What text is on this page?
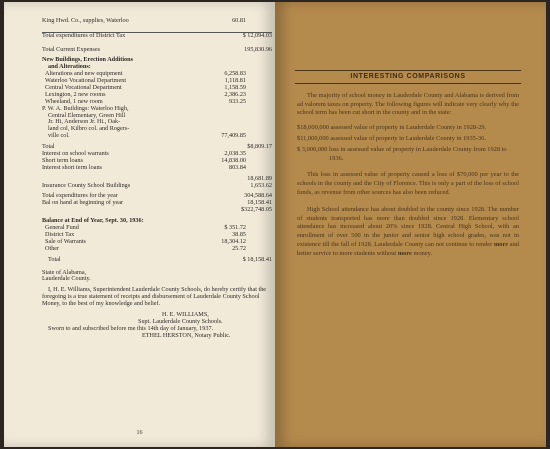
King Hwd. Co., supplies, Waterloo	60.81
Total expenditures of District Tax	$ 12,094.03
Total Current Expenses	195,830.96
New Buildings, Erection Additions
and Alterations:
Alterations and new equipment	6,258.83
Waterloo Vocational Department	1,118.81
Central Vocational Department	1,158.59
Lexington, 2 new rooms	2,386.23
Wheeland, 1 new room	933.25
P. W. A. Buildings: Waterloo High,
Central Elementary, Green Hill
Jr. Hi, Anderson Jr. Hi., Oak-
land col, Kilbro col. and Rogers-
ville col.	77,409.85
Total	$8,809.17
Interest on school warrants	2,038.35
Short term loans	14,838.00
Interest short term loans	803.84
18,681.89
Insurance County School Buildings	1,653.62
Total expenditures for the year	304,588.64
Bal on hand at beginning of year	18,158.41
$322,748.05
Balance at End of Year, Sept. 30, 1936:
General Fund	$ 351.72
District Tax	38.85
Sale of Warrants	18,304.12
Other	25.72
Total	$ 18,158.41
State of Alabama,
Lauderdale County.
I, H. E. Williams, Superintendent Lauderdale County Schools, do hereby certify that the foregoing is a true statement of receipts and disbursement of Lauderdale County School Money, to the best of my knowledge and belief.
H. E. WILLIAMS,
Supt. Lauderdale County Schools.
Sworn to and subscribed before me this 14th day of January, 1937.
ETHEL HERSTON, Notary Public.
16
INTERESTING COMPARISONS
The majority of school money in Lauderdale County and Alabama is derived from ad valorem taxes on property. The following figures will indicate very clearly why the school term has been cut short in the county and in the state:
$18,000,000
assessed value of property in Lauderdale County in 1928-29.
$11,000,000
assessed value of property in Lauderdale County in 1935-36.
$ 3,000,000
loss in assessed value of property in Lauderdale County from 1928 to 1936.
This loss in assessed value of property caused a loss of $70,000 per year to the schools in the county and the City of Florence. This is only a part of the loss of school funds, as revenue from other sources has also been reduced.
High School attendance has about doubled in the county since 1928. The number of students transported has more than doubled since 1928. Elementary school attendance has increased about 20% since 1928. Central High School, with an enrollment of over 500 in the junior and senior high school grades, was not in existence till the fall of 1928. Lauderdale County can not continue to render more and better service to more students without more money.
